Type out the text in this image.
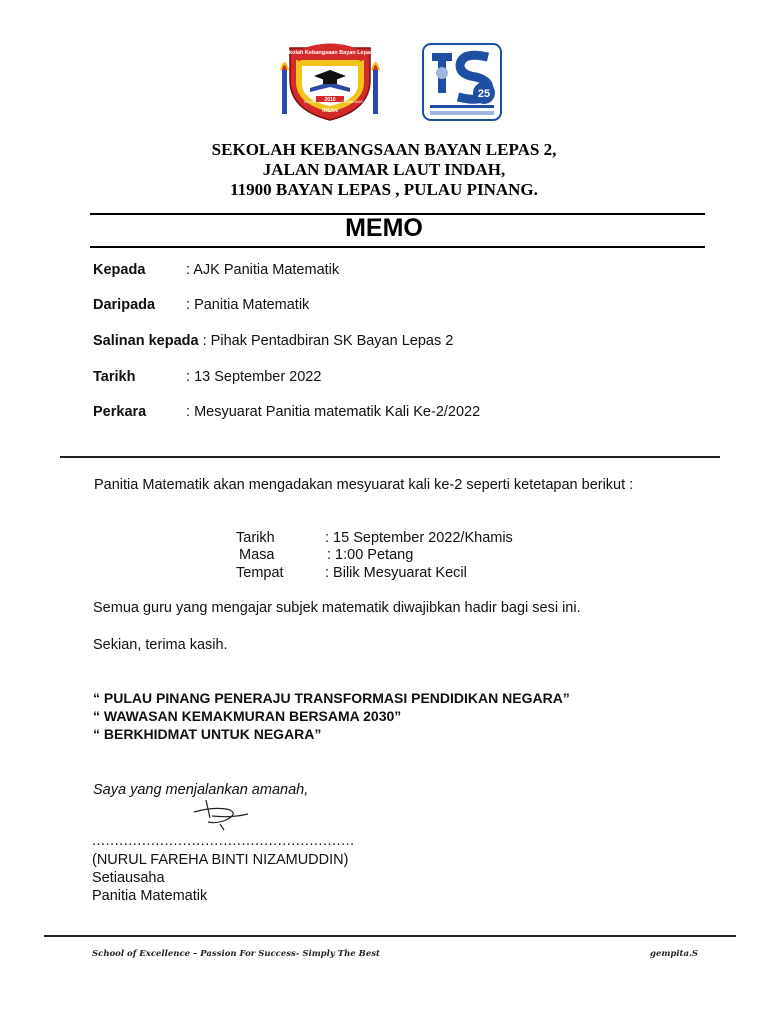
Sekolah Kebangsaan Bayan Lepas 2
2010
INSAN	GEMILANG
INSAN
25
SEKOLAH KEBANGSAAN BAYAN LEPAS 2,
JALAN DAMAR LAUT INDAH,
11900 BAYAN LEPAS , PULAU PINANG.
MEMO
Kepada	: AJK Panitia Matematik
Daripada : Panitia Matematik
Salinan kepada : Pihak Pentadbiran SK Bayan Lepas 2
Tarikh	: 13 September 2022
Perkara	: Mesyuarat Panitia matematik Kali Ke-2/2022
Panitia Matematik akan mengadakan mesyuarat kali ke-2 seperti ketetapan berikut :
Tarikh	: 15 September 2022/Khamis
Masa	: 1:00 Petang
Tempat	: Bilik Mesyuarat Kecil
Semua guru yang mengajar subjek matematik diwajibkan hadir bagi sesi ini.
Sekian, terima kasih.
“ PULAU PINANG PENERAJU TRANSFORMASI PENDIDIKAN NEGARA”
“ WAWASAN KEMAKMURAN BERSAMA 2030”
“ BERKHIDMAT UNTUK NEGARA”
Saya yang menjalankan amanah,
..........................................................
(NURUL FAREHA BINTI NIZAMUDDIN)
Setiausaha
Panitia Matematik
School of Excellence – Passion For Success- Simply The Best	gempita.S
